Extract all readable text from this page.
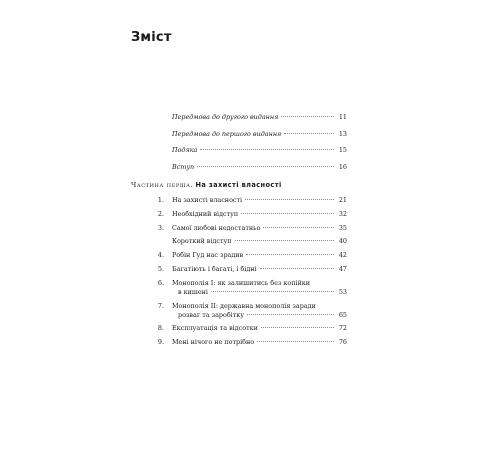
Зміст
Передмова до другого видання	11
Передмова до першого видання	13
Подяка	15
Вступ	16
Частина перша. На захисті власності
1. На захисті власності	21
2. Необхідний відступ	32
3. Самої любові недостатньо	35
Короткий відступ	40
4. Робін Гуд нас зрадив	42
5. Багатіють і багаті, і бідні	47
6. Монополія I: як залишитись без копійки
в кишені	53
7. Монополія II: державна монополія заради
розваг та заробітку	65
8. Експлуатація та відсотки	72
9. Мені нічого не потрібно	76
